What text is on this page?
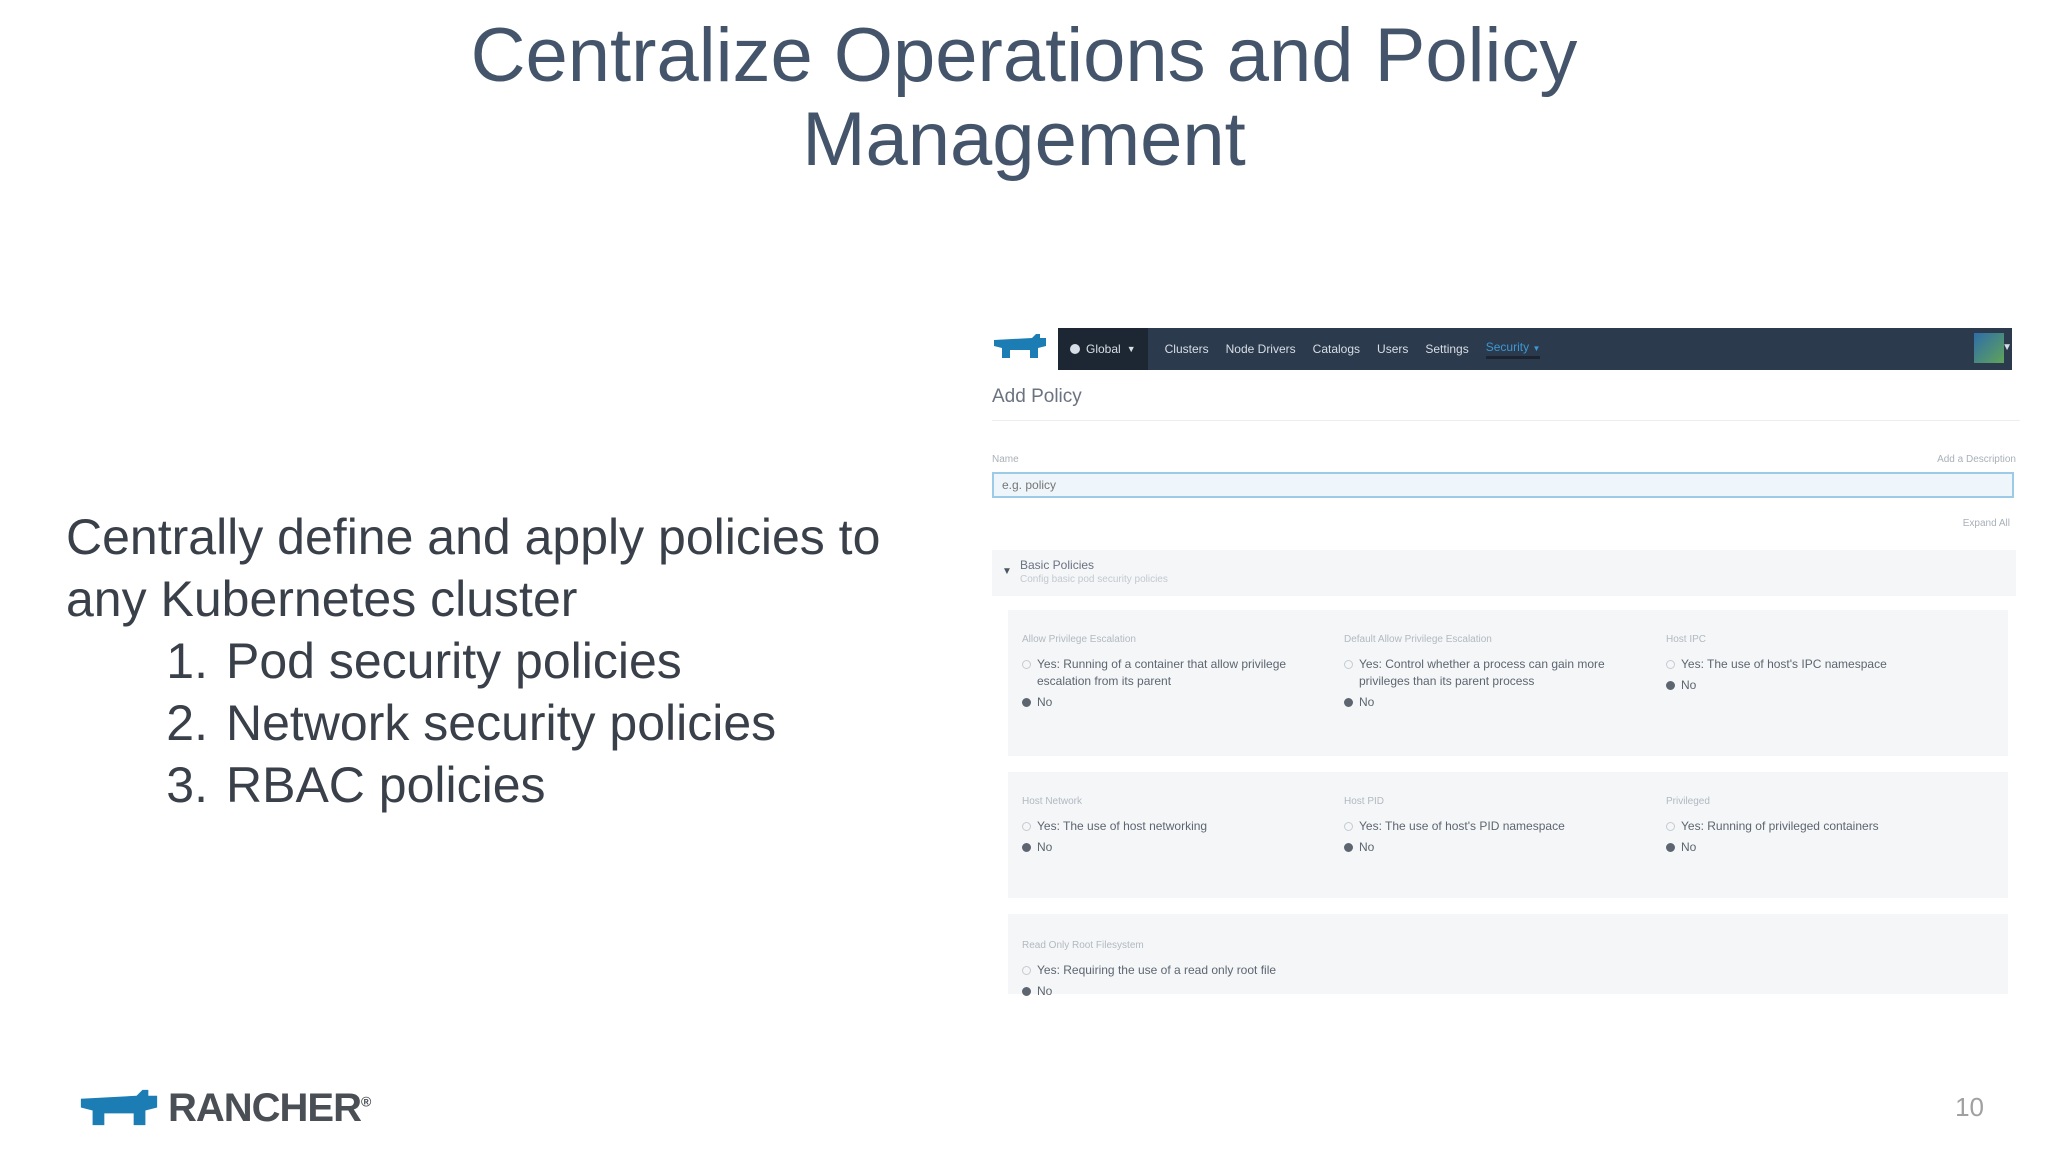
Centralize Operations and Policy
Management
Centrally define and apply policies to
any Kubernetes cluster
1. Pod security policies
2. Network security policies
3. RBAC policies
Global ▼ Clusters Node Drivers Catalogs Users Settings Security ▼	▼
Add Policy
Name	Add a Description
e.g. policy
Expand All
▼ Basic Policies
Config basic pod security policies
Allow Privilege Escalation
Yes: Running of a container that allow privilege escalation from its parent
No
Default Allow Privilege Escalation
Yes: Control whether a process can gain more privileges than its parent process
No
Host IPC
Yes: The use of host's IPC namespace
No
Host Network
Yes: The use of host networking
No
Host PID
Yes: The use of host's PID namespace
No
Privileged
Yes: Running of privileged containers
No
Read Only Root Filesystem
Yes: Requiring the use of a read only root file
No
RANCHER®	10
